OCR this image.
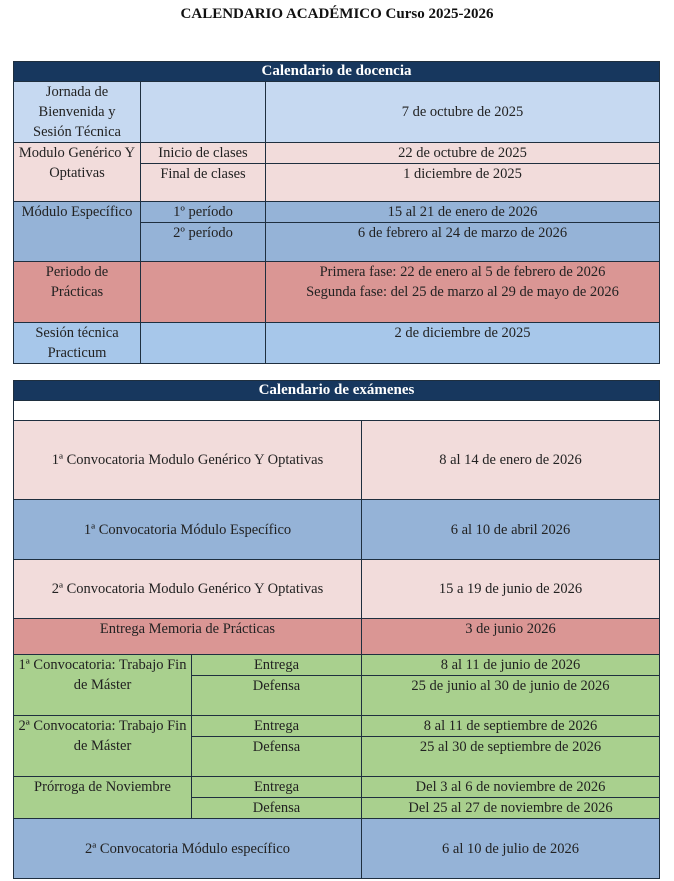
CALENDARIO ACADÉMICO Curso 2025-2026
Calendario de docencia		
Jornada de Bienvenida y Sesión Técnica		7 de octubre de 2025
Modulo Genérico Y Optativas	Inicio de clases	22 de octubre de 2025
	Final de clases	1 diciembre de 2025
Módulo Específico	1º período	15 al 21 de enero de 2026
	2º período	6 de febrero al 24 de marzo de 2026
Periodo de Prácticas		Primera fase: 22 de enero al 5 de febrero de 2026
Segunda fase: del 25 de marzo al 29 de mayo de 2026

Sesión técnica Practicum		2 de diciembre de 2025
Calendario de exámenes		

1ª Convocatoria Modulo Genérico Y Optativas		8 al 14 de enero de 2026
1ª Convocatoria Módulo Específico		6 al 10 de abril 2026
2ª Convocatoria Modulo Genérico Y Optativas		15 a 19 de junio de 2026
Entrega Memoria de Prácticas		3 de junio 2026
1ª Convocatoria: Trabajo Fin de Máster	Entrega	8 al 11 de junio de 2026
	Defensa	25 de junio al 30 de junio de 2026
2ª Convocatoria: Trabajo Fin de Máster	Entrega	8 al 11 de septiembre de 2026
	Defensa	25 al 30 de septiembre de 2026
Prórroga de Noviembre	Entrega	Del 3 al 6 de noviembre de 2026
	Defensa	Del 25 al 27 de noviembre de 2026
2ª Convocatoria Módulo específico		6 al 10 de julio de 2026
